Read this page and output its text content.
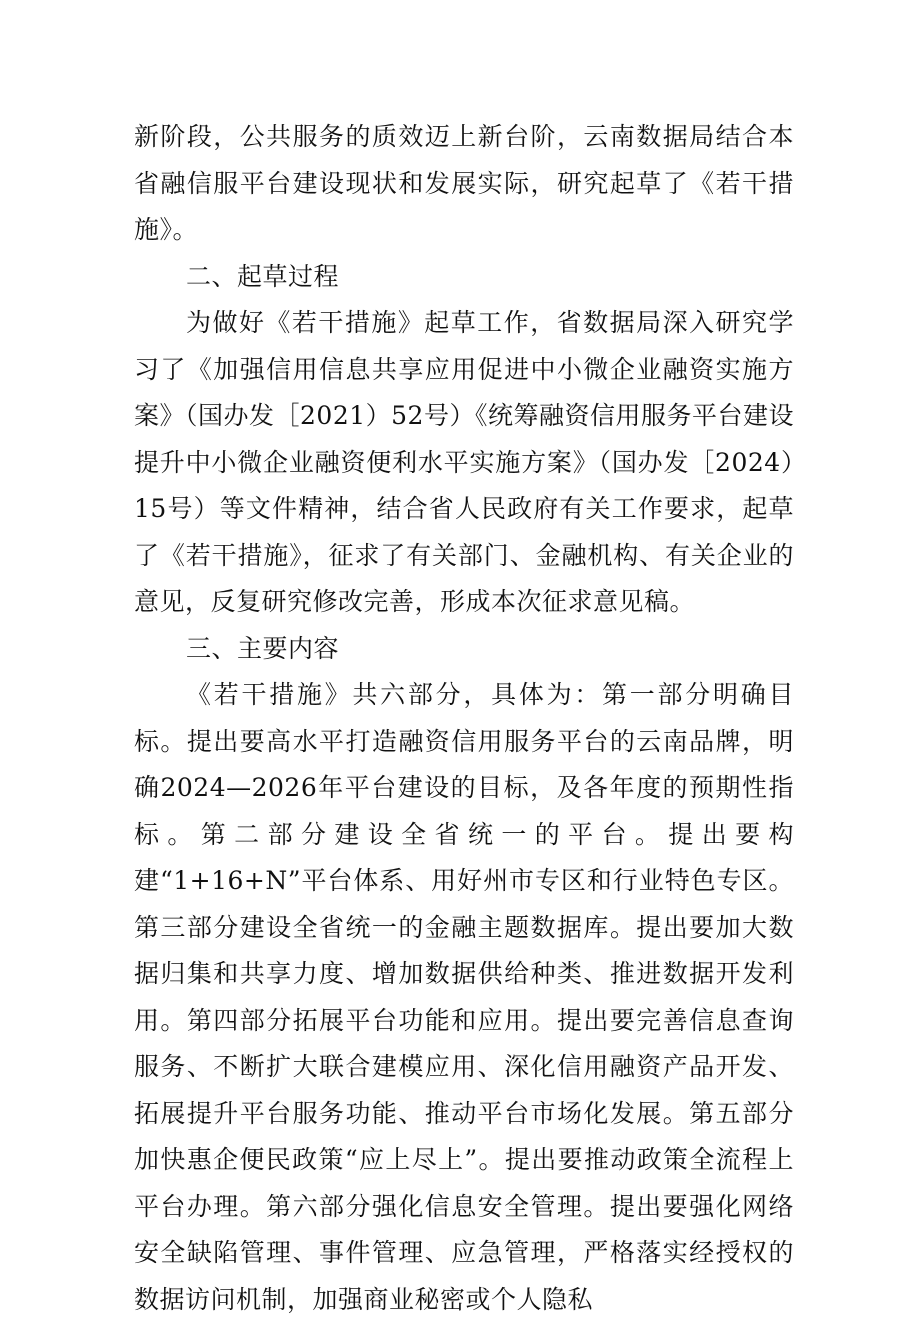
新阶段，公共服务的质效迈上新台阶，云南数据局结合本省融信服平台建设现状和发展实际，研究起草了《若干措施》。

二、起草过程

为做好《若干措施》起草工作，省数据局深入研究学习了《加强信用信息共享应用促进中小微企业融资实施方案》（国办发［2021）52号）《统筹融资信用服务平台建设提升中小微企业融资便利水平实施方案》（国办发［2024）15号）等文件精神，结合省人民政府有关工作要求，起草了《若干措施》，征求了有关部门、金融机构、有关企业的意见，反复研究修改完善，形成本次征求意见稿。

三、主要内容

《若干措施》共六部分，具体为：第一部分明确目标。提出要高水平打造融资信用服务平台的云南品牌，明确2024—2026年平台建设的目标，及各年度的预期性指标。第二部分建设全省统一的平台。提出要构建“1+16+N”平台体系、用好州市专区和行业特色专区。第三部分建设全省统一的金融主题数据库。提出要加大数据归集和共享力度、增加数据供给种类、推进数据开发利用。第四部分拓展平台功能和应用。提出要完善信息查询服务、不断扩大联合建模应用、深化信用融资产品开发、拓展提升平台服务功能、推动平台市场化发展。第五部分加快惠企便民政策“应上尽上”。提出要推动政策全流程上平台办理。第六部分强化信息安全管理。提出要强化网络安全缺陷管理、事件管理、应急管理，严格落实经授权的数据访问机制，加强商业秘密或个人隐私
